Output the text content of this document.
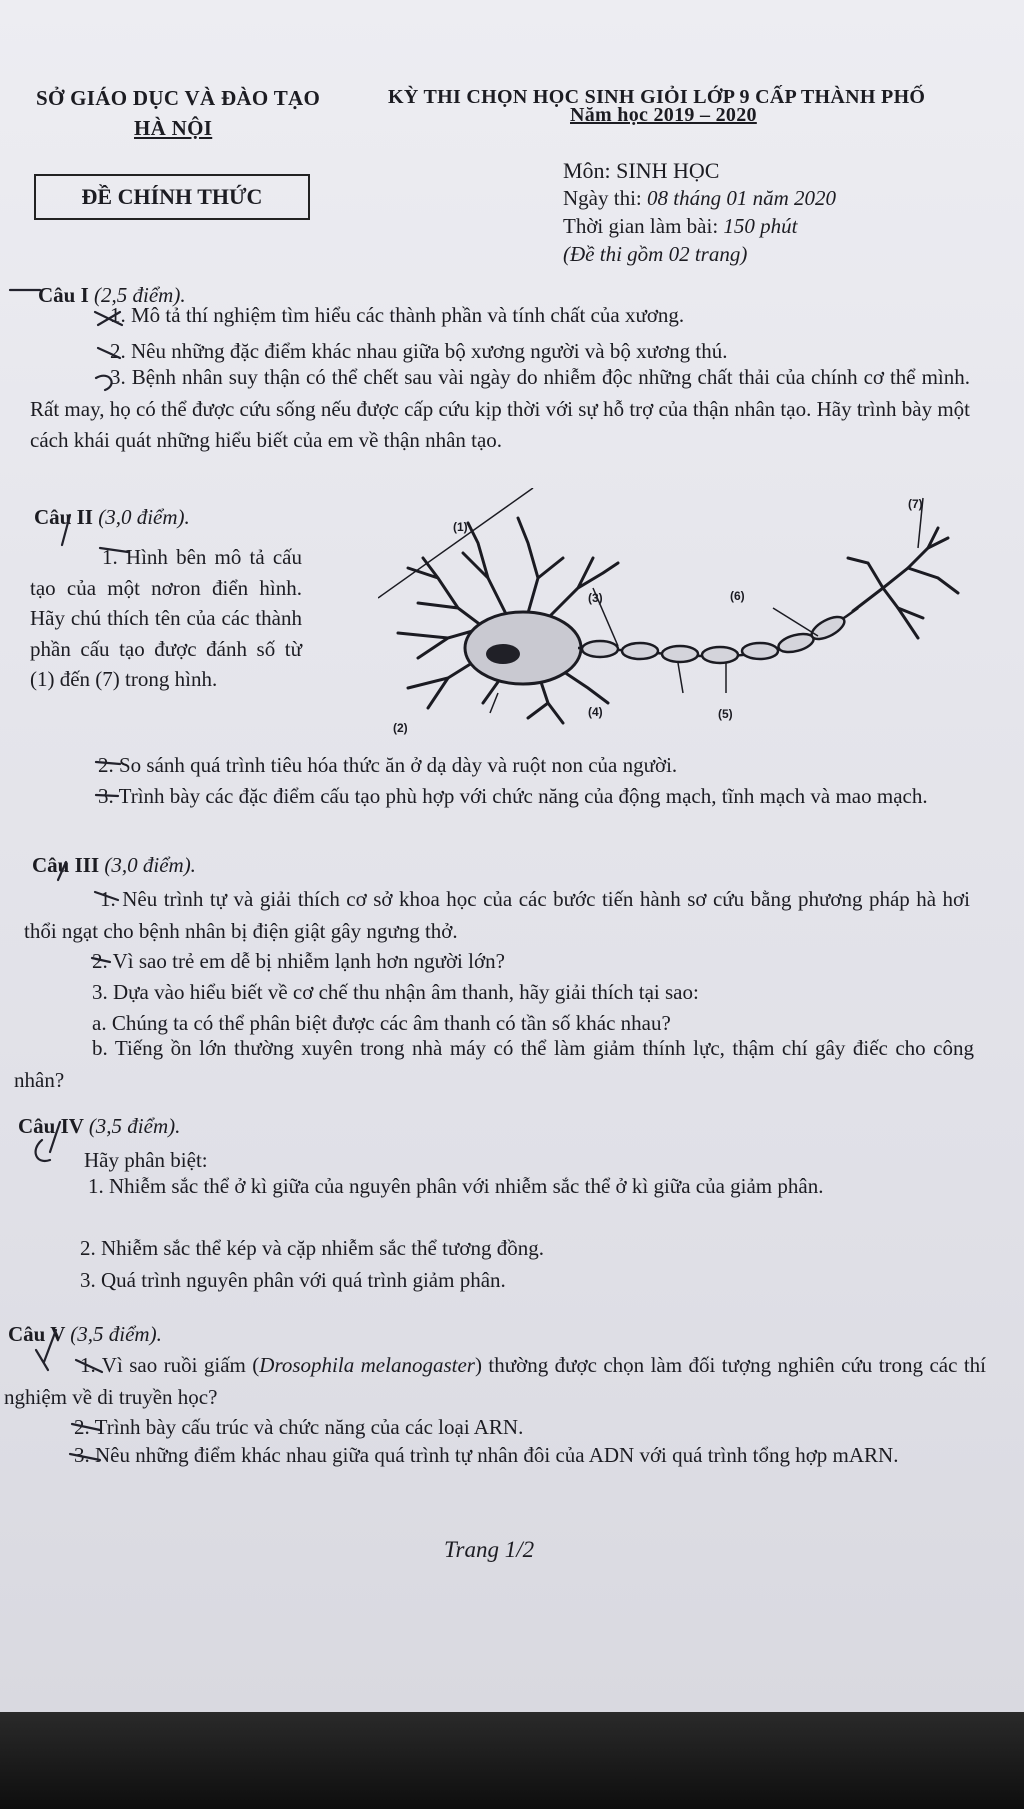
SỞ GIÁO DỤC VÀ ĐÀO TẠO
HÀ NỘI
KỲ THI CHỌN HỌC SINH GIỎI LỚP 9 CẤP THÀNH PHỐ
Năm học 2019 – 2020
ĐỀ CHÍNH THỨC
Môn: SINH HỌC
Ngày thi: 08 tháng 01 năm 2020
Thời gian làm bài: 150 phút
(Đề thi gồm 02 trang)
Câu I (2,5 điểm).
1. Mô tả thí nghiệm tìm hiểu các thành phần và tính chất của xương.
2. Nêu những đặc điểm khác nhau giữa bộ xương người và bộ xương thú.

3. Bệnh nhân suy thận có thể chết sau vài ngày do nhiễm độc những chất thải của chính cơ thể mình. Rất may, họ có thể được cứu sống nếu được cấp cứu kịp thời với sự hỗ trợ của thận nhân tạo. Hãy trình bày một cách khái quát những hiểu biết của em về thận nhân tạo.

Câu II (3,0 điểm).

1. Hình bên mô tả cấu tạo của một nơron điển hình. Hãy chú thích tên của các thành phần cấu tạo được đánh số từ (1) đến (7) trong hình.

(1)
(2)
(3)
(4)	(5)
(6)
(7)
2. So sánh quá trình tiêu hóa thức ăn ở dạ dày và ruột non của người.

3. Trình bày các đặc điểm cấu tạo phù hợp với chức năng của động mạch, tĩnh mạch và mao mạch.

Câu III (3,0 điểm).

1. Nêu trình tự và giải thích cơ sở khoa học của các bước tiến hành sơ cứu bằng phương pháp hà hơi thổi ngạt cho bệnh nhân bị điện giật gây ngưng thở.

2. Vì sao trẻ em dễ bị nhiễm lạnh hơn người lớn?
3. Dựa vào hiểu biết về cơ chế thu nhận âm thanh, hãy giải thích tại sao:
a. Chúng ta có thể phân biệt được các âm thanh có tần số khác nhau?

b. Tiếng ồn lớn thường xuyên trong nhà máy có thể làm giảm thính lực, thậm chí gây điếc cho công nhân?

Câu IV (3,5 điểm).
Hãy phân biệt:

1. Nhiễm sắc thể ở kì giữa của nguyên phân với nhiễm sắc thể ở kì giữa của giảm phân.

2. Nhiễm sắc thể kép và cặp nhiễm sắc thể tương đồng.
3. Quá trình nguyên phân với quá trình giảm phân.
Câu V (3,5 điểm).

1. Vì sao ruồi giấm (Drosophila melanogaster) thường được chọn làm đối tượng nghiên cứu trong các thí nghiệm về di truyền học?

2. Trình bày cấu trúc và chức năng của các loại ARN.

3. Nêu những điểm khác nhau giữa quá trình tự nhân đôi của ADN với quá trình tổng hợp mARN.

Trang 1/2
